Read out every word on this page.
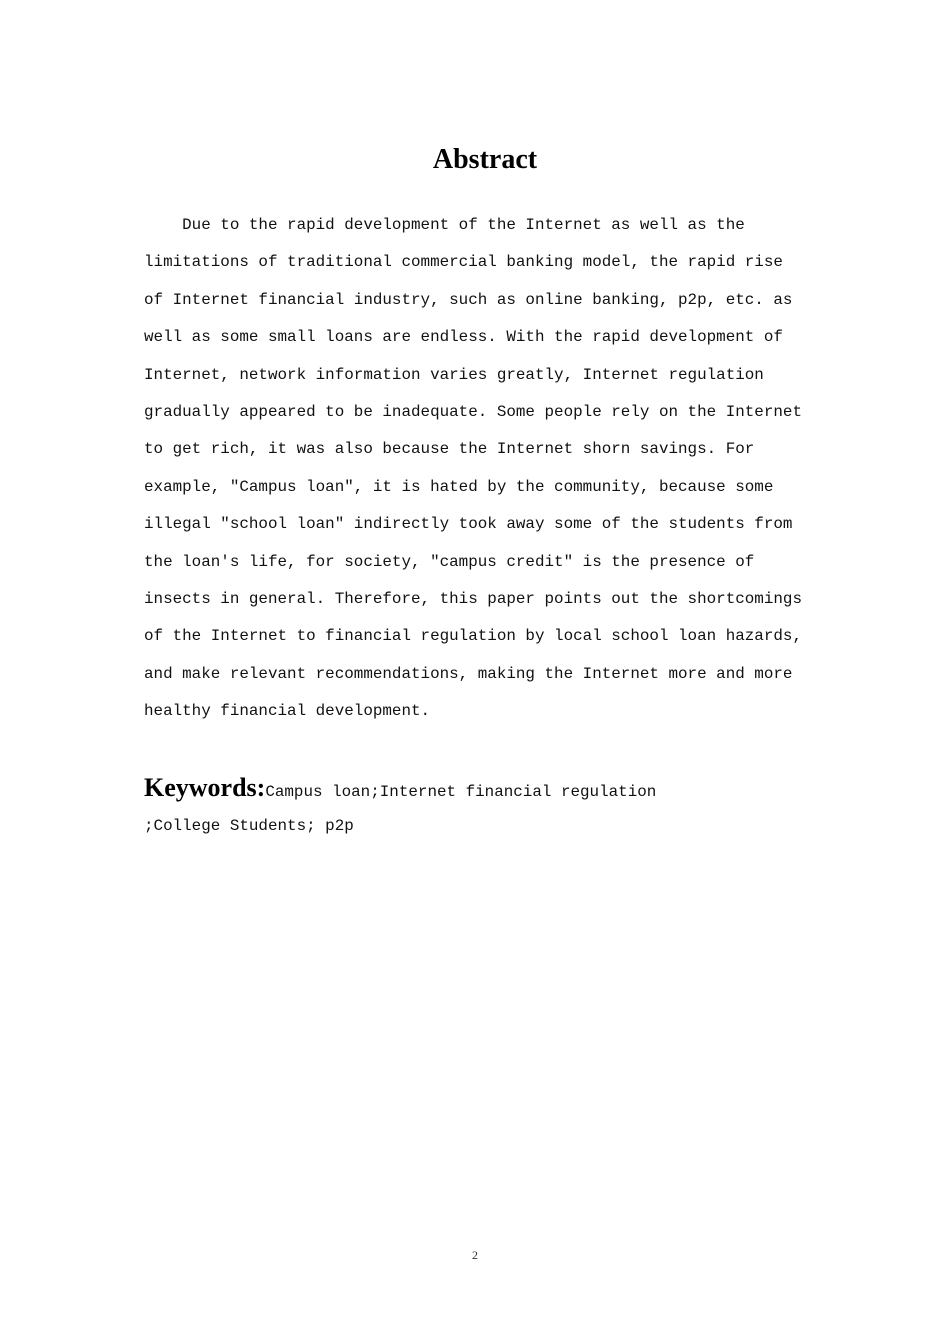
Abstract
Due to the rapid development of the Internet as well as the
limitations of traditional commercial banking model, the rapid rise
of Internet financial industry, such as online banking, p2p, etc. as
well as some small loans are endless. With the rapid development of
Internet, network information varies greatly, Internet regulation
gradually appeared to be inadequate. Some people rely on the Internet
to get rich, it was also because the Internet shorn savings. For
example, "Campus loan", it is hated by the community, because some
illegal "school loan" indirectly took away some of the students from
the loan's life, for society, "campus credit" is the presence of
insects in general. Therefore, this paper points out the shortcomings
of the Internet to financial regulation by local school loan hazards,
and make relevant recommendations, making the Internet more and more
healthy financial development.
Keywords:Campus loan;Internet financial regulation
;College Students; p2p
2
